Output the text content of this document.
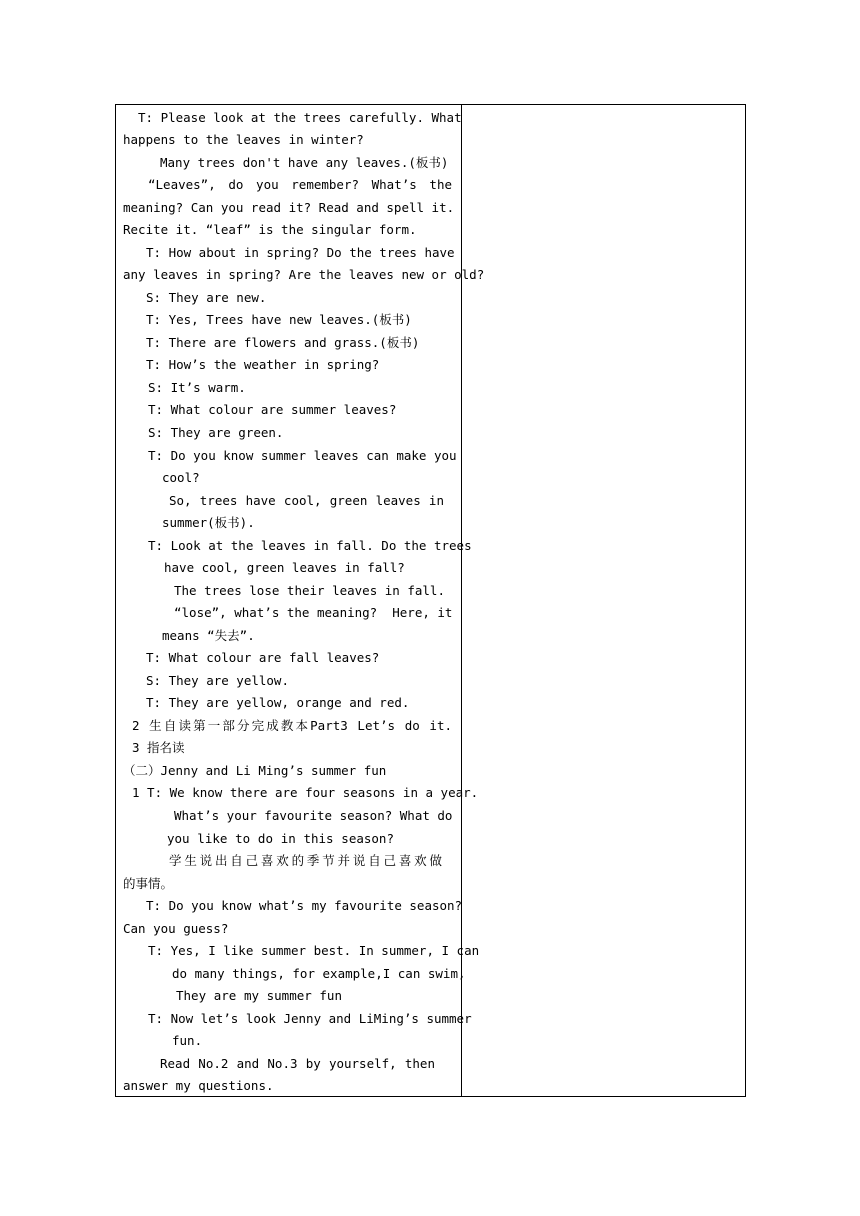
T: Please look at the trees carefully. What
happens to the leaves in winter?
Many trees don't have any leaves.(板书)
“Leaves”, do you remember? What’s the
meaning? Can you read it? Read and spell it.
Recite it. “leaf” is the singular form.
T: How about in spring? Do the trees have
any leaves in spring? Are the leaves new or old?
S: They are new.
T: Yes, Trees have new leaves.(板书)
T: There are flowers and grass.(板书)
T: How’s the weather in spring?
S: It’s warm.
T: What colour are summer leaves?
S: They are green.
T: Do you know summer leaves can make you
cool?
So, trees have cool, green leaves in
summer(板书).
T: Look at the leaves in fall. Do the trees
have cool, green leaves in fall?
The trees lose their leaves in fall.
“lose”, what’s the meaning?  Here, it
means “失去”.
T: What colour are fall leaves?
S: They are yellow.
T: They are yellow, orange and red.
2 生自读第一部分完成教本Part3 Let’s do it.
3 指名读
（二）Jenny and Li Ming’s summer fun
1 T: We know there are four seasons in a year.
What’s your favourite season? What do
you like to do in this season?
学生说出自己喜欢的季节并说自己喜欢做
的事情。
T: Do you know what’s my favourite season?
Can you guess?
T: Yes, I like summer best. In summer, I can
do many things, for example,I can swim,
They are my summer fun
T: Now let’s look Jenny and LiMing’s summer
fun.
Read No.2 and No.3 by yourself, then
answer my questions.
